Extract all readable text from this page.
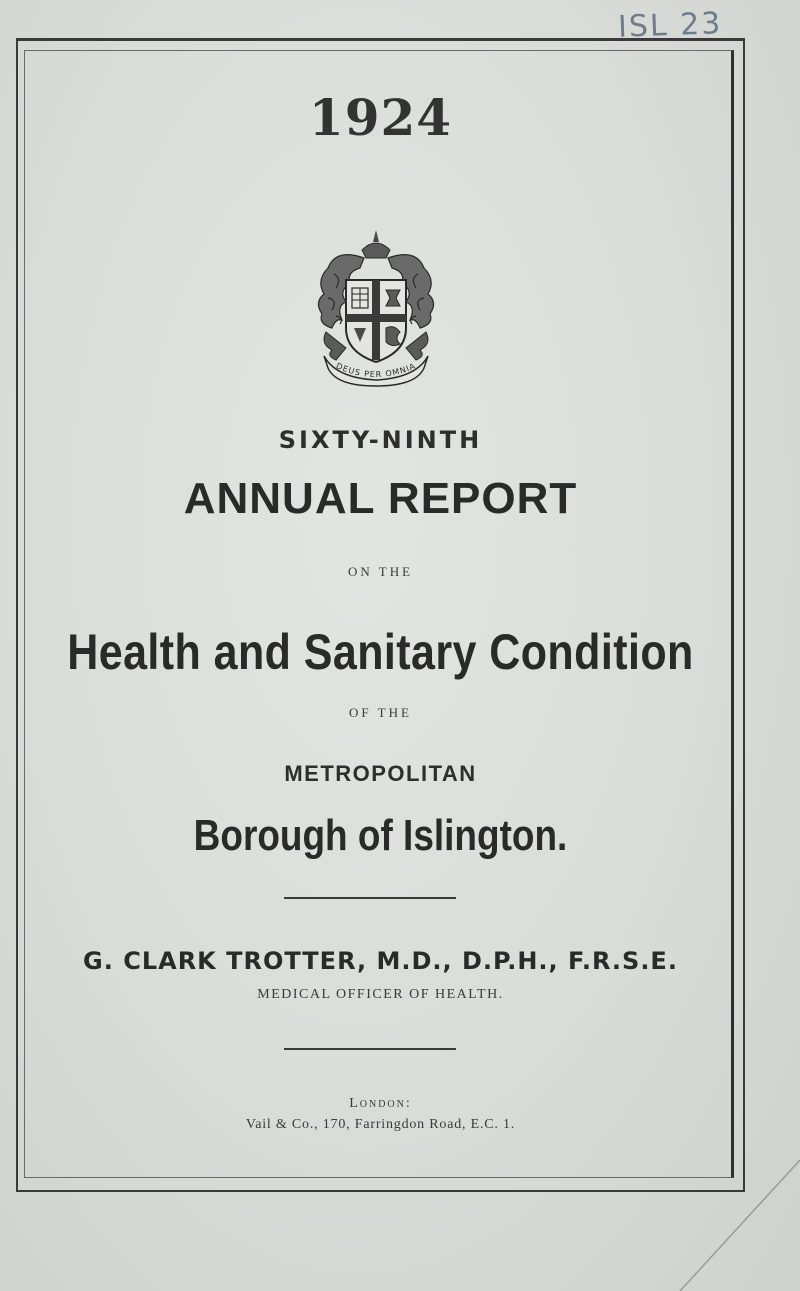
ISL 23

1924
DEUS PER OMNIA

SIXTY-NINTH

ANNUAL REPORT

ON THE

Health and Sanitary Condition

OF THE

METROPOLITAN

Borough of Islington.

G. CLARK TROTTER, M.D., D.P.H., F.R.S.E.

MEDICAL OFFICER OF HEALTH.

London:

Vail & Co., 170, Farringdon Road, E.C. 1.
